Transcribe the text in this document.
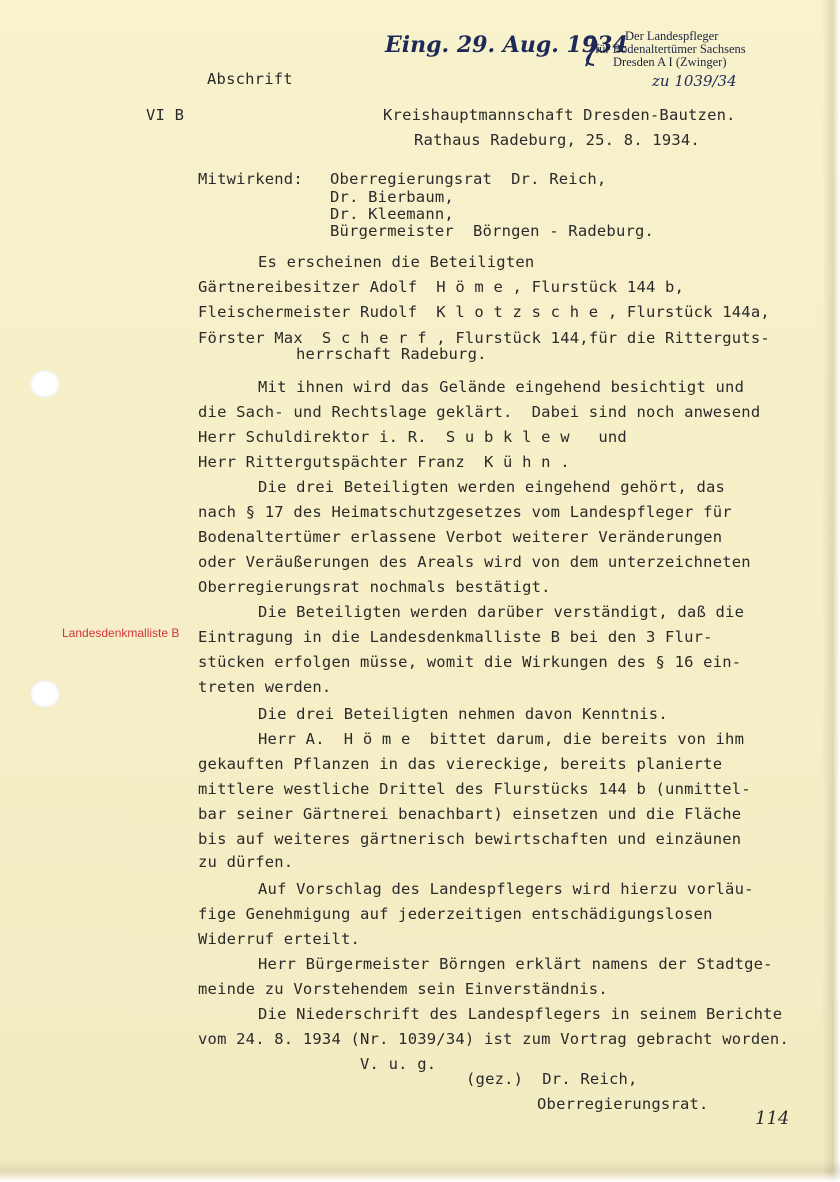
Eing. 29. Aug. 1934
Der Landespfleger
für Bodenaltertümer Sachsens
Dresden A I (Zwinger)
zu 1039/34
Abschrift
VI B	Kreishauptmannschaft Dresden-Bautzen.
Rathaus Radeburg, 25. 8. 1934.
Mitwirkend: Oberregierungsrat  Dr. Reich,
Dr. Bierbaum,
Dr. Kleemann,
Bürgermeister  Börngen - Radeburg.
Es erscheinen die Beteiligten
Gärtnereibesitzer Adolf  H ö m e , Flurstück 144 b,
Fleischermeister Rudolf  K l o t z s c h e , Flurstück 144a,
Förster Max  S c h e r f , Flurstück 144,für die Ritterguts-
herrschaft Radeburg.
Mit ihnen wird das Gelände eingehend besichtigt und
die Sach- und Rechtslage geklärt.  Dabei sind noch anwesend
Herr Schuldirektor i. R.  S u b k l e w   und
Herr Rittergutspächter Franz  K ü h n .
Die drei Beteiligten werden eingehend gehört, das
nach § 17 des Heimatschutzgesetzes vom Landespfleger für
Bodenaltertümer erlassene Verbot weiterer Veränderungen
oder Veräußerungen des Areals wird von dem unterzeichneten
Oberregierungsrat nochmals bestätigt.
Die Beteiligten werden darüber verständigt, daß die
Landesdenkmalliste B Eintragung in die Landesdenkmalliste B bei den 3 Flur-
stücken erfolgen müsse, womit die Wirkungen des § 16 ein-
treten werden.
Die drei Beteiligten nehmen davon Kenntnis.
Herr A.  H ö m e  bittet darum, die bereits von ihm
gekauften Pflanzen in das viereckige, bereits planierte
mittlere westliche Drittel des Flurstücks 144 b (unmittel-
bar seiner Gärtnerei benachbart) einsetzen und die Fläche
bis auf weiteres gärtnerisch bewirtschaften und einzäunen
zu dürfen.
Auf Vorschlag des Landespflegers wird hierzu vorläu-
fige Genehmigung auf jederzeitigen entschädigungslosen
Widerruf erteilt.
Herr Bürgermeister Börngen erklärt namens der Stadtge-
meinde zu Vorstehendem sein Einverständnis.
Die Niederschrift des Landespflegers in seinem Berichte
vom 24. 8. 1934 (Nr. 1039/34) ist zum Vortrag gebracht worden.
V. u. g.
(gez.)  Dr. Reich,
Oberregierungsrat.
114
